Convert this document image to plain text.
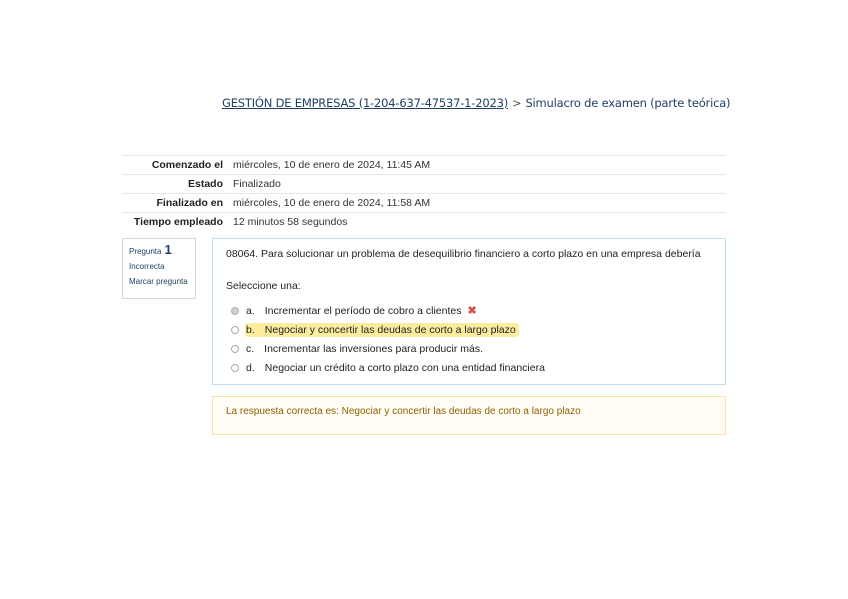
GESTIÓN DE EMPRESAS (1-204-637-47537-1-2023) > Simulacro de examen (parte teórica)
Comenzado el	miércoles, 10 de enero de 2024, 11:45 AM
Estado	Finalizado
Finalizado en	miércoles, 10 de enero de 2024, 11:58 AM
Tiempo empleado	12 minutos 58 segundos
Pregunta 1
Incorrecta
Marcar pregunta
08064. Para solucionar un problema de desequilibrio financiero a corto plazo en una empresa debería
Seleccione una:
a. Incrementar el período de cobro a clientes ✖
b. Negociar y concertir las deudas de corto a largo plazo
c. Incrementar las inversiones para producir más.
d. Negociar un crédito a corto plazo con una entidad financiera
La respuesta correcta es: Negociar y concertir las deudas de corto a largo plazo
